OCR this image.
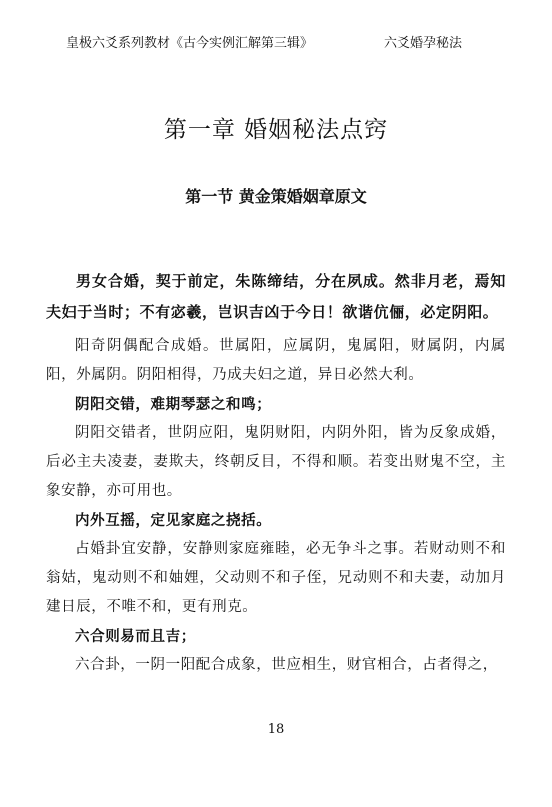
皇极六爻系列教材《古今实例汇解第三辑》	六爻婚孕秘法
第一章 婚姻秘法点窍
第一节 黄金策婚姻章原文

男女合婚，契于前定，朱陈缔结，分在夙成。然非月老，焉知夫妇于当时；不有宓羲，岂识吉凶于今日！欲谐伉俪，必定阴阳。

阳奇阴偶配合成婚。世属阳，应属阴，鬼属阳，财属阴，内属阳，外属阴。阴阳相得，乃成夫妇之道，异日必然大利。

阴阳交错，难期琴瑟之和鸣；

阴阳交错者，世阴应阳，鬼阴财阳，内阴外阳，皆为反象成婚，后必主夫凌妻，妻欺夫，终朝反目，不得和顺。若变出财鬼不空，主象安静，亦可用也。

内外互摇，定见家庭之挠括。

占婚卦宜安静，安静则家庭雍睦，必无争斗之事。若财动则不和翁姑，鬼动则不和妯娌，父动则不和子侄，兄动则不和夫妻，动加月建日辰，不唯不和，更有刑克。

六合则易而且吉；

六合卦，一阴一阳配合成象，世应相生，财官相合，占者得之，

18
